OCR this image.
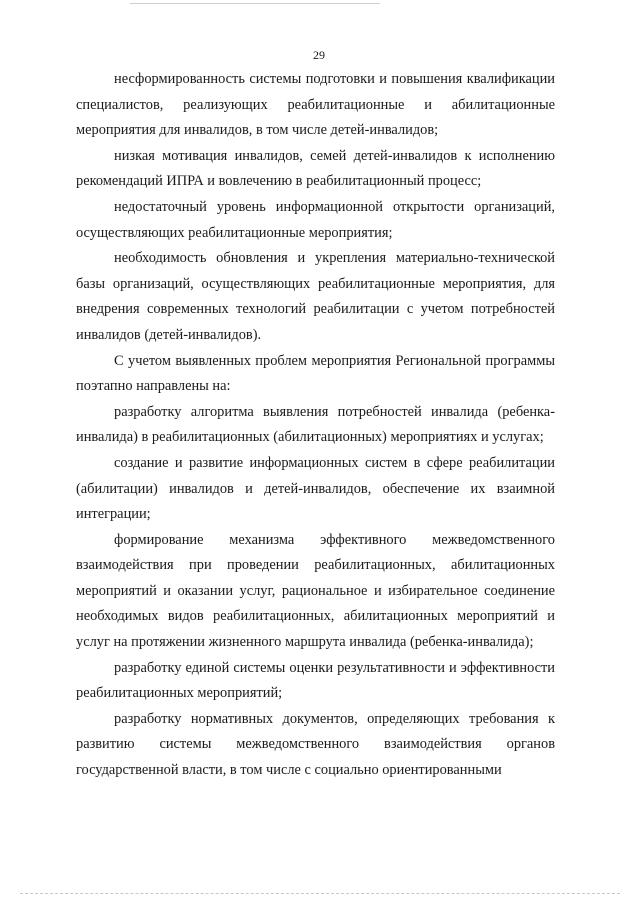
29

несформированность системы подготовки и повышения квалификации специалистов, реализующих реабилитационные и абилитационные мероприятия для инвалидов, в том числе детей-инвалидов;

низкая мотивация инвалидов, семей детей-инвалидов к исполнению рекомендаций ИПРА и вовлечению в реабилитационный процесс;

недостаточный уровень информационной открытости организаций, осуществляющих реабилитационные мероприятия;

необходимость обновления и укрепления материально-технической базы организаций, осуществляющих реабилитационные мероприятия, для внедрения современных технологий реабилитации с учетом потребностей инвалидов (детей-инвалидов).

С учетом выявленных проблем мероприятия Региональной программы поэтапно направлены на:

разработку алгоритма выявления потребностей инвалида (ребенка-инвалида) в реабилитационных (абилитационных) мероприятиях и услугах;

создание и развитие информационных систем в сфере реабилитации (абилитации) инвалидов и детей-инвалидов, обеспечение их взаимной интеграции;

формирование механизма эффективного межведомственного взаимодействия при проведении реабилитационных, абилитационных мероприятий и оказании услуг, рациональное и избирательное соединение необходимых видов реабилитационных, абилитационных мероприятий и услуг на протяжении жизненного маршрута инвалида (ребенка-инвалида);

разработку единой системы оценки результативности и эффективности реабилитационных мероприятий;

разработку нормативных документов, определяющих требования к развитию системы межведомственного взаимодействия органов государственной власти, в том числе с социально ориентированными
